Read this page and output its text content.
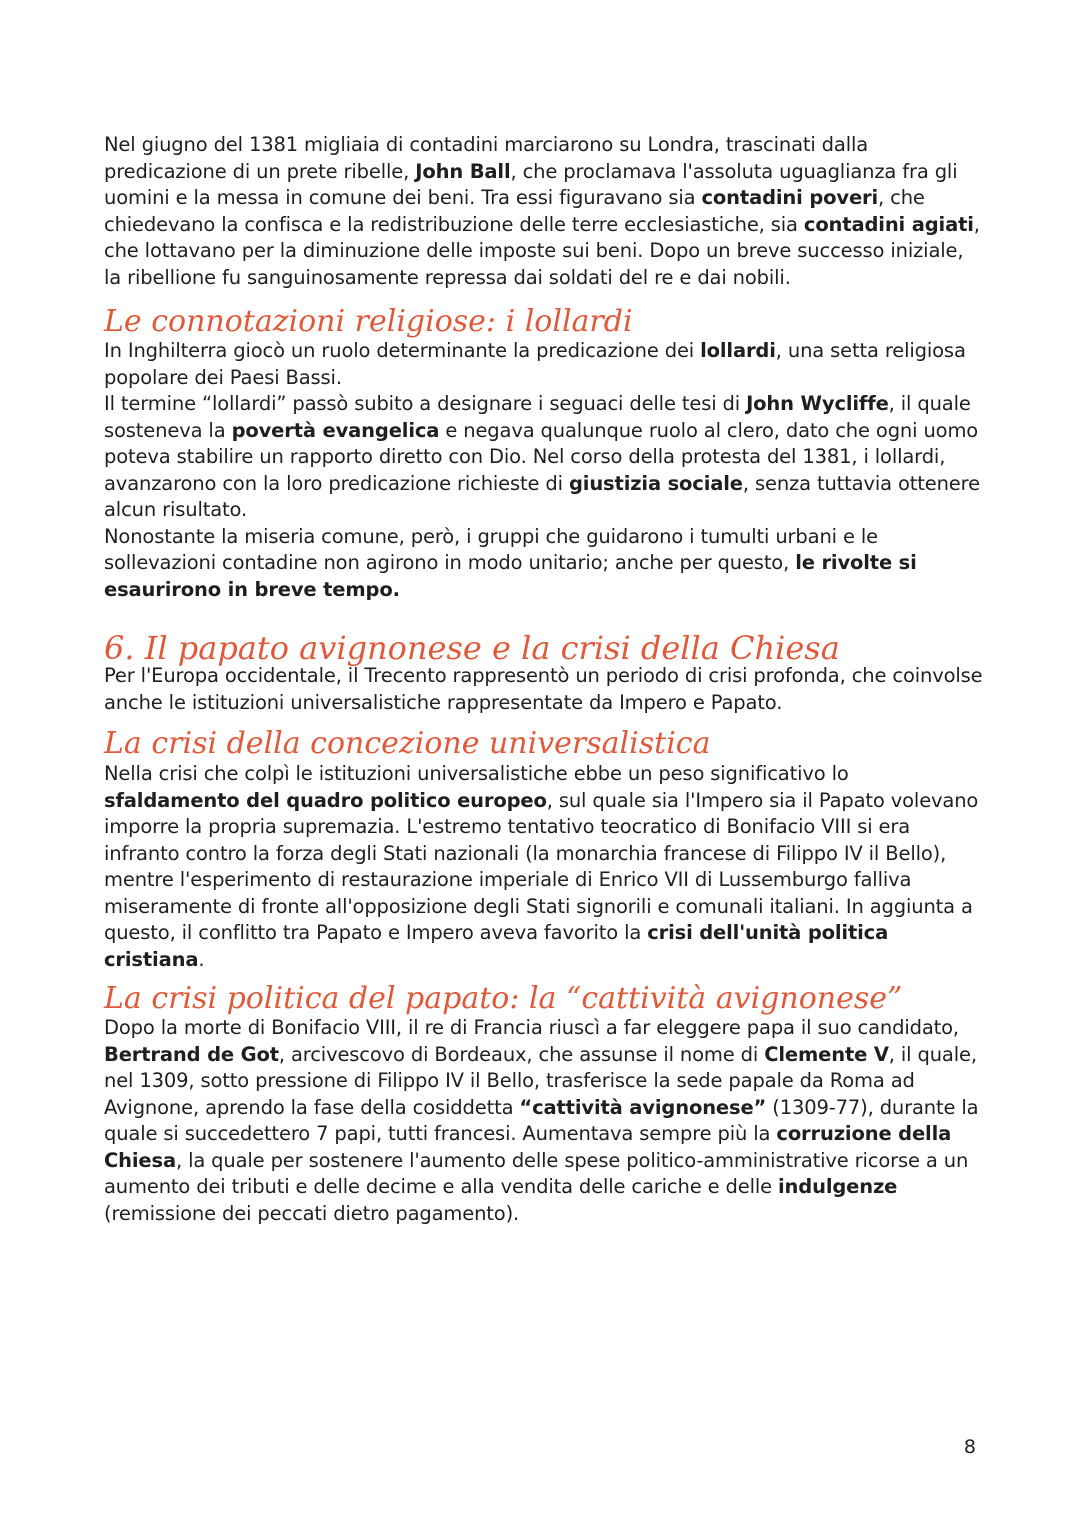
Nel giugno del 1381 migliaia di contadini marciarono su Londra, trascinati dalla predicazione di un prete ribelle, John Ball, che proclamava l'assoluta uguaglianza fra gli uomini e la messa in comune dei beni. Tra essi figuravano sia contadini poveri, che chiedevano la confisca e la redistribuzione delle terre ecclesiastiche, sia contadini agiati, che lottavano per la diminuzione delle imposte sui beni. Dopo un breve successo iniziale, la ribellione fu sanguinosamente repressa dai soldati del re e dai nobili.

Le connotazioni religiose: i lollardi

In Inghilterra giocò un ruolo determinante la predicazione dei lollardi, una setta religiosa popolare dei Paesi Bassi.

Il termine “lollardi” passò subito a designare i seguaci delle tesi di John Wycliffe, il quale sosteneva la povertà evangelica e negava qualunque ruolo al clero, dato che ogni uomo poteva stabilire un rapporto diretto con Dio. Nel corso della protesta del 1381, i lollardi, avanzarono con la loro predicazione richieste di giustizia sociale, senza tuttavia ottenere alcun risultato.

Nonostante la miseria comune, però, i gruppi che guidarono i tumulti urbani e le sollevazioni contadine non agirono in modo unitario; anche per questo, le rivolte si esaurirono in breve tempo.

6. Il papato avignonese e la crisi della Chiesa

Per l'Europa occidentale, il Trecento rappresentò un periodo di crisi profonda, che coinvolse anche le istituzioni universalistiche rappresentate da Impero e Papato.

La crisi della concezione universalistica

Nella crisi che colpì le istituzioni universalistiche ebbe un peso significativo lo sfaldamento del quadro politico europeo, sul quale sia l'Impero sia il Papato volevano imporre la propria supremazia. L'estremo tentativo teocratico di Bonifacio VIII si era infranto contro la forza degli Stati nazionali (la monarchia francese di Filippo IV il Bello), mentre l'esperimento di restaurazione imperiale di Enrico VII di Lussemburgo falliva miseramente di fronte all'opposizione degli Stati signorili e comunali italiani. In aggiunta a questo, il conflitto tra Papato e Impero aveva favorito la crisi dell'unità politica cristiana.

La crisi politica del papato: la “cattività avignonese”

Dopo la morte di Bonifacio VIII, il re di Francia riuscì a far eleggere papa il suo candidato, Bertrand de Got, arcivescovo di Bordeaux, che assunse il nome di Clemente V, il quale, nel 1309, sotto pressione di Filippo IV il Bello, trasferisce la sede papale da Roma ad Avignone, aprendo la fase della cosiddetta “cattività avignonese” (1309-77), durante la quale si succedettero 7 papi, tutti francesi. Aumentava sempre più la corruzione della Chiesa, la quale per sostenere l'aumento delle spese politico-amministrative ricorse a un aumento dei tributi e delle decime e alla vendita delle cariche e delle indulgenze (remissione dei peccati dietro pagamento).

8
